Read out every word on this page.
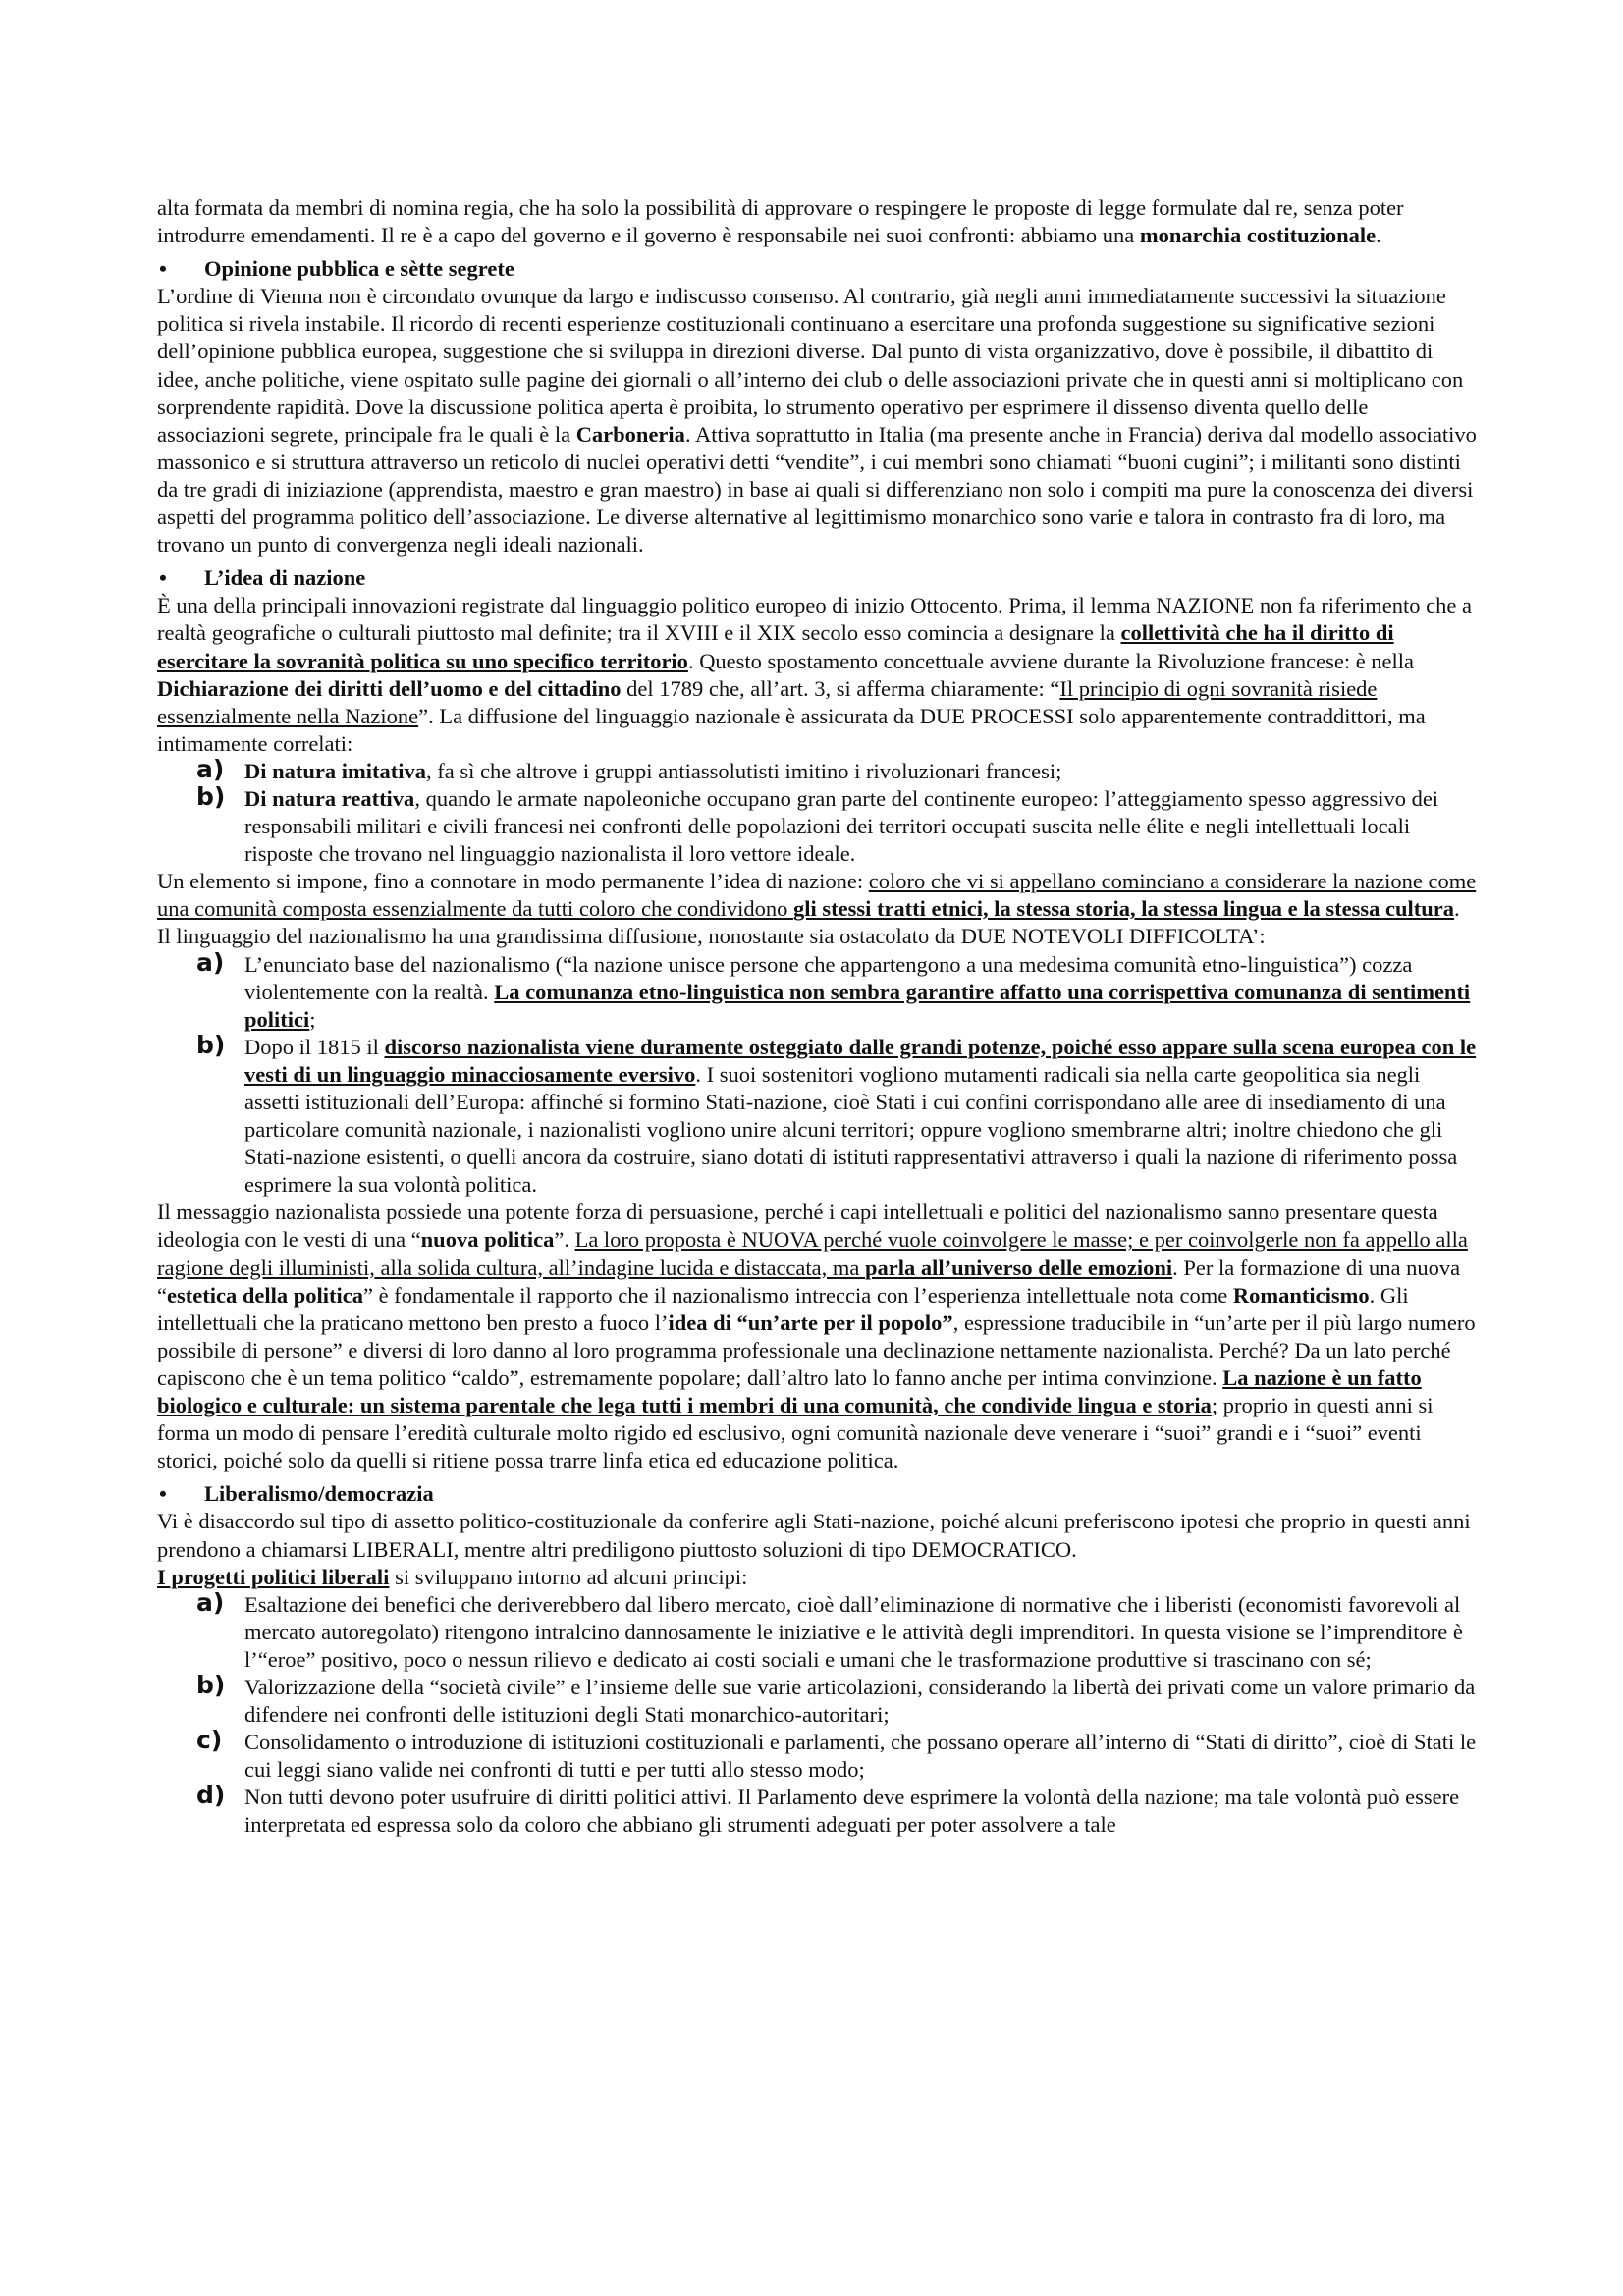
alta formata da membri di nomina regia, che ha solo la possibilità di approvare o respingere le proposte di legge formulate dal re, senza poter introdurre emendamenti. Il re è a capo del governo e il governo è responsabile nei suoi confronti: abbiamo una monarchia costituzionale.

• Opinione pubblica e sètte segrete

L’ordine di Vienna non è circondato ovunque da largo e indiscusso consenso. Al contrario, già negli anni immediatamente successivi la situazione politica si rivela instabile. Il ricordo di recenti esperienze costituzionali continuano a esercitare una profonda suggestione su significative sezioni dell’opinione pubblica europea, suggestione che si sviluppa in direzioni diverse. Dal punto di vista organizzativo, dove è possibile, il dibattito di idee, anche politiche, viene ospitato sulle pagine dei giornali o all’interno dei club o delle associazioni private che in questi anni si moltiplicano con sorprendente rapidità. Dove la discussione politica aperta è proibita, lo strumento operativo per esprimere il dissenso diventa quello delle associazioni segrete, principale fra le quali è la Carboneria. Attiva soprattutto in Italia (ma presente anche in Francia) deriva dal modello associativo massonico e si struttura attraverso un reticolo di nuclei operativi detti “vendite”, i cui membri sono chiamati “buoni cugini”; i militanti sono distinti da tre gradi di iniziazione (apprendista, maestro e gran maestro) in base ai quali si differenziano non solo i compiti ma pure la conoscenza dei diversi aspetti del programma politico dell’associazione. Le diverse alternative al legittimismo monarchico sono varie e talora in contrasto fra di loro, ma trovano un punto di convergenza negli ideali nazionali.

• L’idea di nazione

È una della principali innovazioni registrate dal linguaggio politico europeo di inizio Ottocento. Prima, il lemma NAZIONE non fa riferimento che a realtà geografiche o culturali piuttosto mal definite; tra il XVIII e il XIX secolo esso comincia a designare la collettività che ha il diritto di esercitare la sovranità politica su uno specifico territorio. Questo spostamento concettuale avviene durante la Rivoluzione francese: è nella Dichiarazione dei diritti dell’uomo e del cittadino del 1789 che, all’art. 3, si afferma chiaramente: “Il principio di ogni sovranità risiede essenzialmente nella Nazione”. La diffusione del linguaggio nazionale è assicurata da DUE PROCESSI solo apparentemente contraddittori, ma intimamente correlati:

a) Di natura imitativa, fa sì che altrove i gruppi antiassolutisti imitino i rivoluzionari francesi;
b) Di natura reattiva, quando le armate napoleoniche occupano gran parte del continente europeo: l’atteggiamento spesso aggressivo dei responsabili militari e civili francesi nei confronti delle popolazioni dei territori occupati suscita nelle élite e negli intellettuali locali risposte che trovano nel linguaggio nazionalista il loro vettore ideale.

Un elemento si impone, fino a connotare in modo permanente l’idea di nazione: coloro che vi si appellano cominciano a considerare la nazione come una comunità composta essenzialmente da tutti coloro che condividono gli stessi tratti etnici, la stessa storia, la stessa lingua e la stessa cultura. Il linguaggio del nazionalismo ha una grandissima diffusione, nonostante sia ostacolato da DUE NOTEVOLI DIFFICOLTA’:

a) L’enunciato base del nazionalismo (“la nazione unisce persone che appartengono a una medesima comunità etno-linguistica”) cozza violentemente con la realtà. La comunanza etno-linguistica non sembra garantire affatto una corrispettiva comunanza di sentimenti politici;
b) Dopo il 1815 il discorso nazionalista viene duramente osteggiato dalle grandi potenze, poiché esso appare sulla scena europea con le vesti di un linguaggio minacciosamente eversivo. I suoi sostenitori vogliono mutamenti radicali sia nella carte geopolitica sia negli assetti istituzionali dell’Europa: affinché si formino Stati-nazione, cioè Stati i cui confini corrispondano alle aree di insediamento di una particolare comunità nazionale, i nazionalisti vogliono unire alcuni territori; oppure vogliono smembrarne altri; inoltre chiedono che gli Stati-nazione esistenti, o quelli ancora da costruire, siano dotati di istituti rappresentativi attraverso i quali la nazione di riferimento possa esprimere la sua volontà politica.

Il messaggio nazionalista possiede una potente forza di persuasione, perché i capi intellettuali e politici del nazionalismo sanno presentare questa ideologia con le vesti di una “nuova politica”. La loro proposta è NUOVA perché vuole coinvolgere le masse; e per coinvolgerle non fa appello alla ragione degli illuministi, alla solida cultura, all’indagine lucida e distaccata, ma parla all’universo delle emozioni. Per la formazione di una nuova “estetica della politica” è fondamentale il rapporto che il nazionalismo intreccia con l’esperienza intellettuale nota come Romanticismo. Gli intellettuali che la praticano mettono ben presto a fuoco l’idea di “un’arte per il popolo”, espressione traducibile in “un’arte per il più largo numero possibile di persone” e diversi di loro danno al loro programma professionale una declinazione nettamente nazionalista. Perché? Da un lato perché capiscono che è un tema politico “caldo”, estremamente popolare; dall’altro lato lo fanno anche per intima convinzione. La nazione è un fatto biologico e culturale: un sistema parentale che lega tutti i membri di una comunità, che condivide lingua e storia; proprio in questi anni si forma un modo di pensare l’eredità culturale molto rigido ed esclusivo, ogni comunità nazionale deve venerare i “suoi” grandi e i “suoi” eventi storici, poiché solo da quelli si ritiene possa trarre linfa etica ed educazione politica.

• Liberalismo/democrazia

Vi è disaccordo sul tipo di assetto politico-costituzionale da conferire agli Stati-nazione, poiché alcuni preferiscono ipotesi che proprio in questi anni prendono a chiamarsi LIBERALI, mentre altri prediligono piuttosto soluzioni di tipo DEMOCRATICO.

I progetti politici liberali si sviluppano intorno ad alcuni principi:

a) Esaltazione dei benefici che deriverebbero dal libero mercato, cioè dall’eliminazione di normative che i liberisti (economisti favorevoli al mercato autoregolato) ritengono intralcino dannosamente le iniziative e le attività degli imprenditori. In questa visione se l’imprenditore è l’“eroe” positivo, poco o nessun rilievo e dedicato ai costi sociali e umani che le trasformazione produttive si trascinano con sé;
b) Valorizzazione della “società civile” e l’insieme delle sue varie articolazioni, considerando la libertà dei privati come un valore primario da difendere nei confronti delle istituzioni degli Stati monarchico-autoritari;
c) Consolidamento o introduzione di istituzioni costituzionali e parlamenti, che possano operare all’interno di “Stati di diritto”, cioè di Stati le cui leggi siano valide nei confronti di tutti e per tutti allo stesso modo;
d) Non tutti devono poter usufruire di diritti politici attivi. Il Parlamento deve esprimere la volontà della nazione; ma tale volontà può essere interpretata ed espressa solo da coloro che abbiano gli strumenti adeguati per poter assolvere a tale
